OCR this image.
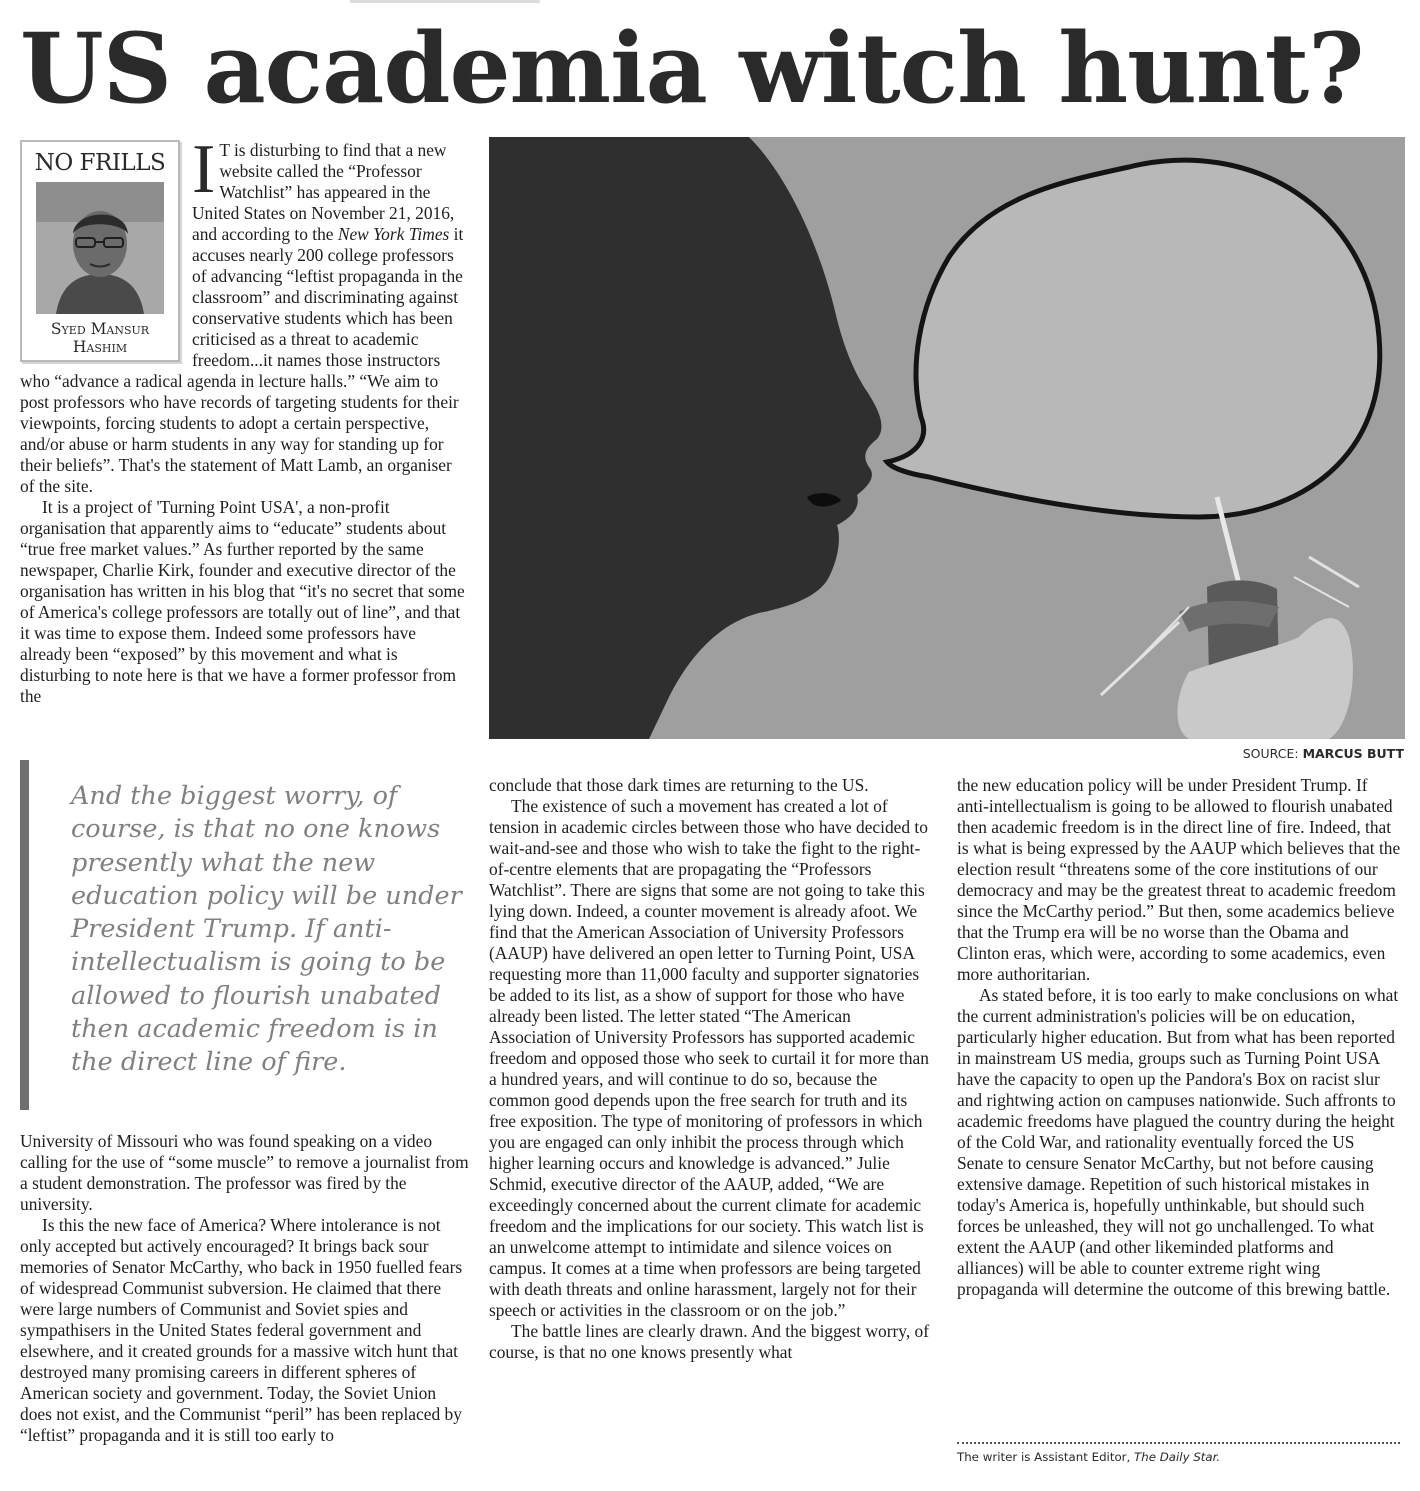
US academia witch hunt?
NO FRILLS
Syed Mansur Hashim

I T is disturbing to find that a new website called the “Professor Watchlist” has appeared in the United States on November 21, 2016, and according to the New York Times it accuses nearly 200 college professors of advancing “leftist propaganda in the classroom” and discriminating against conservative students which has been criticised as a threat to academic freedom...it names those instructors who “advance a radical agenda in lecture halls.” “We aim to post professors who have records of targeting students for their viewpoints, forcing students to adopt a certain perspective, and/or abuse or harm students in any way for standing up for their beliefs”. That's the statement of Matt Lamb, an organiser of the site.

It is a project of 'Turning Point USA', a non-profit organisation that apparently aims to “educate” students about “true free market values.” As further reported by the same newspaper, Charlie Kirk, founder and executive director of the organisation has written in his blog that “it's no secret that some of America's college professors are totally out of line”, and that it was time to expose them. Indeed some professors have already been “exposed” by this movement and what is disturbing to note here is that we have a former professor from the

SOURCE: MARCUS BUTT

And the biggest worry, of course, is that no one knows presently what the new education policy will be under President Trump. If anti-intellectualism is going to be allowed to flourish unabated then academic freedom is in the direct line of fire.

University of Missouri who was found speaking on a video calling for the use of “some muscle” to remove a journalist from a student demonstration. The professor was fired by the university.

Is this the new face of America? Where intolerance is not only accepted but actively encouraged? It brings back sour memories of Senator McCarthy, who back in 1950 fuelled fears of widespread Communist subversion. He claimed that there were large numbers of Communist and Soviet spies and sympathisers in the United States federal government and elsewhere, and it created grounds for a massive witch hunt that destroyed many promising careers in different spheres of American society and government. Today, the Soviet Union does not exist, and the Communist “peril” has been replaced by “leftist” propaganda and it is still too early to

conclude that those dark times are returning to the US.

The existence of such a movement has created a lot of tension in academic circles between those who have decided to wait-and-see and those who wish to take the fight to the right-of-centre elements that are propagating the “Professors Watchlist”. There are signs that some are not going to take this lying down. Indeed, a counter movement is already afoot. We find that the American Association of University Professors (AAUP) have delivered an open letter to Turning Point, USA requesting more than 11,000 faculty and supporter signatories be added to its list, as a show of support for those who have already been listed. The letter stated “The American Association of University Professors has supported academic freedom and opposed those who seek to curtail it for more than a hundred years, and will continue to do so, because the common good depends upon the free search for truth and its free exposition. The type of monitoring of professors in which you are engaged can only inhibit the process through which higher learning occurs and knowledge is advanced.” Julie Schmid, executive director of the AAUP, added, “We are exceedingly concerned about the current climate for academic freedom and the implications for our society. This watch list is an unwelcome attempt to intimidate and silence voices on campus. It comes at a time when professors are being targeted with death threats and online harassment, largely not for their speech or activities in the classroom or on the job.”

The battle lines are clearly drawn. And the biggest worry, of course, is that no one knows presently what

the new education policy will be under President Trump. If anti-intellectualism is going to be allowed to flourish unabated then academic freedom is in the direct line of fire. Indeed, that is what is being expressed by the AAUP which believes that the election result “threatens some of the core institutions of our democracy and may be the greatest threat to academic freedom since the McCarthy period.” But then, some academics believe that the Trump era will be no worse than the Obama and Clinton eras, which were, according to some academics, even more authoritarian.

As stated before, it is too early to make conclusions on what the current administration's policies will be on education, particularly higher education. But from what has been reported in mainstream US media, groups such as Turning Point USA have the capacity to open up the Pandora's Box on racist slur and rightwing action on campuses nationwide. Such affronts to academic freedoms have plagued the country during the height of the Cold War, and rationality eventually forced the US Senate to censure Senator McCarthy, but not before causing extensive damage. Repetition of such historical mistakes in today's America is, hopefully unthinkable, but should such forces be unleashed, they will not go unchallenged. To what extent the AAUP (and other likeminded platforms and alliances) will be able to counter extreme right wing propaganda will determine the outcome of this brewing battle.

The writer is Assistant Editor, The Daily Star.
